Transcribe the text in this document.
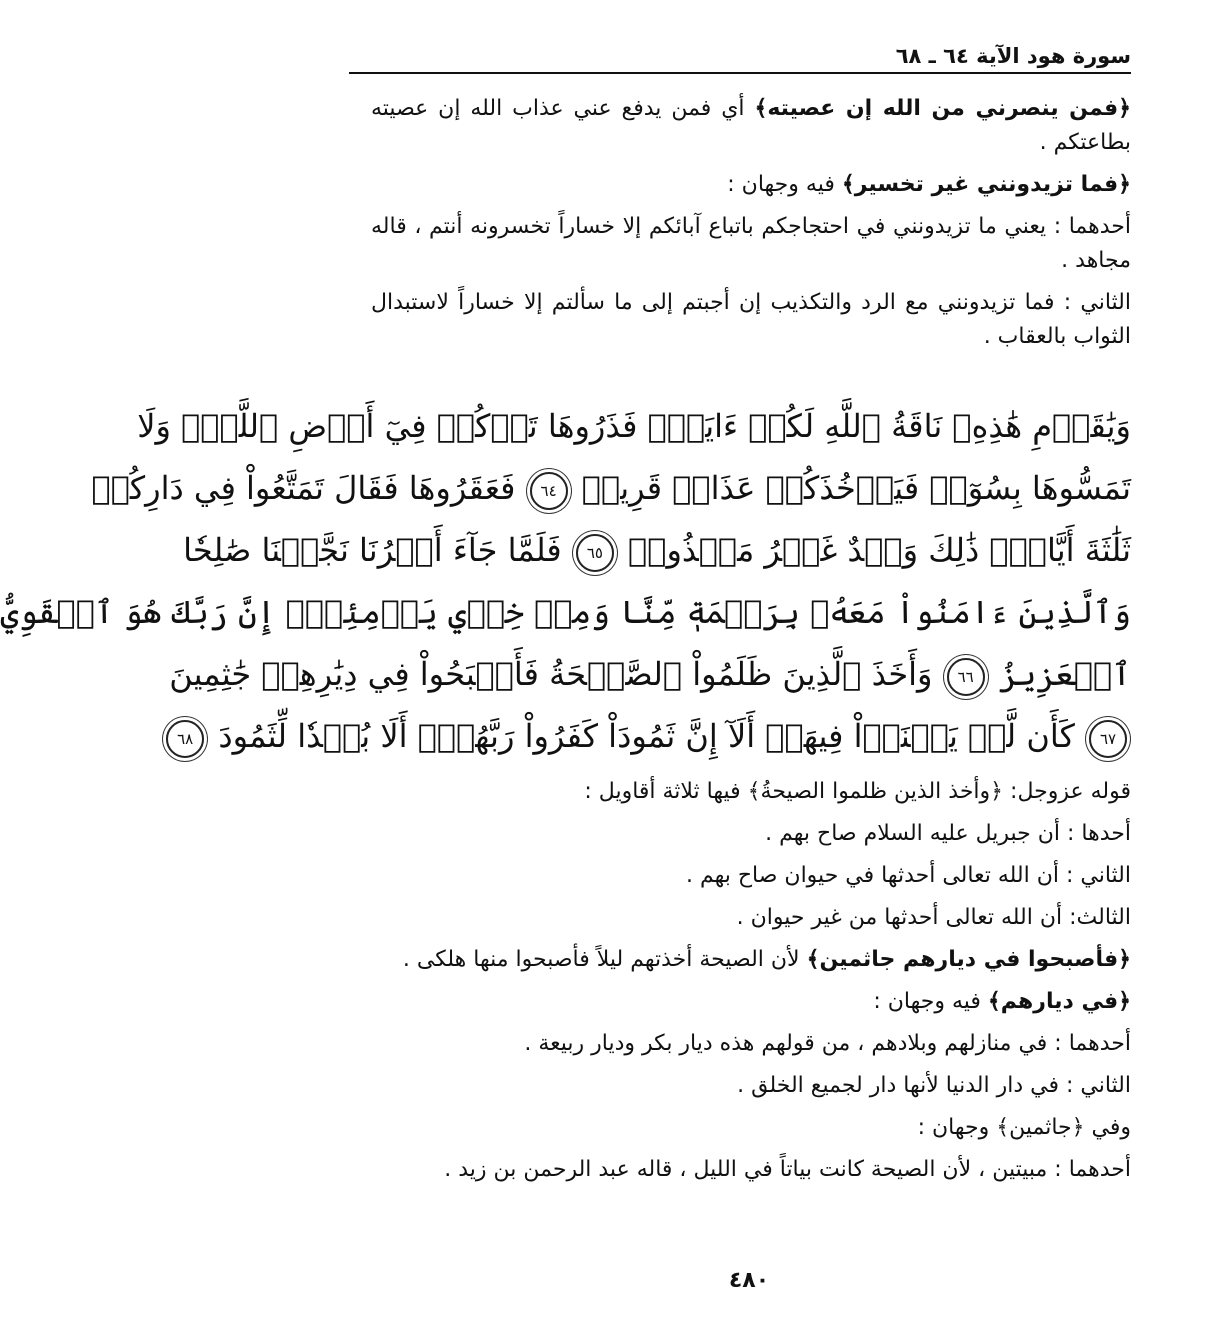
سورة هود الآية ٦٤ ـ ٦٨

﴿فمن ينصرني من الله إن عصيته﴾ أي فمن يدفع عني عذاب الله إن عصيته بطاعتكم .

﴿فما تزيدونني غير تخسير﴾ فيه وجهان :

أحدهما : يعني ما تزيدونني في احتجاجكم باتباع آبائكم إلا خساراً تخسرونه أنتم ، قاله مجاهد .

الثاني : فما تزيدونني مع الرد والتكذيب إن أجبتم إلى ما سألتم إلا خساراً لاستبدال الثواب بالعقاب .

وَيَٰقَوۡمِ هَٰذِهِۦ نَاقَةُ ٱللَّهِ لَكُمۡ ءَايَةٗۖ فَذَرُوهَا تَأۡكُلۡ فِيٓ أَرۡضِ ٱللَّهِۖ وَلَا
تَمَسُّوهَا بِسُوٓءٖ فَيَأۡخُذَكُمۡ عَذَابٞ قَرِيبٞ ٦٤ فَعَقَرُوهَا فَقَالَ تَمَتَّعُواْ فِي دَارِكُمۡ
ثَلَٰثَةَ أَيَّامٖۖ ذَٰلِكَ وَعۡدٌ غَيۡرُ مَكۡذُوبٖ ٦٥ فَلَمَّا جَآءَ أَمۡرُنَا نَجَّيۡنَا صَٰلِحٗا
وَٱلَّذِينَ ءَامَنُواْ مَعَهُۥ بِرَحۡمَةٖ مِّنَّا وَمِنۡ خِزۡيِ يَوۡمِئِذٍۚ إِنَّ رَبَّكَ هُوَ ٱلۡقَوِيُّ
ٱلۡعَزِيزُ ٦٦ وَأَخَذَ ٱلَّذِينَ ظَلَمُواْ ٱلصَّيۡحَةُ فَأَصۡبَحُواْ فِي دِيَٰرِهِمۡ جَٰثِمِينَ
٦٧ كَأَن لَّمۡ يَغۡنَوۡاْ فِيهَآۗ أَلَآ إِنَّ ثَمُودَاْ كَفَرُواْ رَبَّهُمۡۗ أَلَا بُعۡدٗا لِّثَمُودَ ٦٨

قوله عزوجل: ﴿وأخذ الذين ظلموا الصيحةُ﴾ فيها ثلاثة أقاويل :

أحدها : أن جبريل عليه السلام صاح بهم .

الثاني : أن الله تعالى أحدثها في حيوان صاح بهم .

الثالث: أن الله تعالى أحدثها من غير حيوان .

﴿فأصبحوا في ديارهم جاثمين﴾ لأن الصيحة أخذتهم ليلاً فأصبحوا منها هلكى .

﴿في ديارهم﴾ فيه وجهان :

أحدهما : في منازلهم وبلادهم ، من قولهم هذه ديار بكر وديار ربيعة .

الثاني : في دار الدنيا لأنها دار لجميع الخلق .

وفي ﴿جاثمين﴾ وجهان :

أحدهما : مبيتين ، لأن الصيحة كانت بياتاً في الليل ، قاله عبد الرحمن بن زيد .

٤٨٠
